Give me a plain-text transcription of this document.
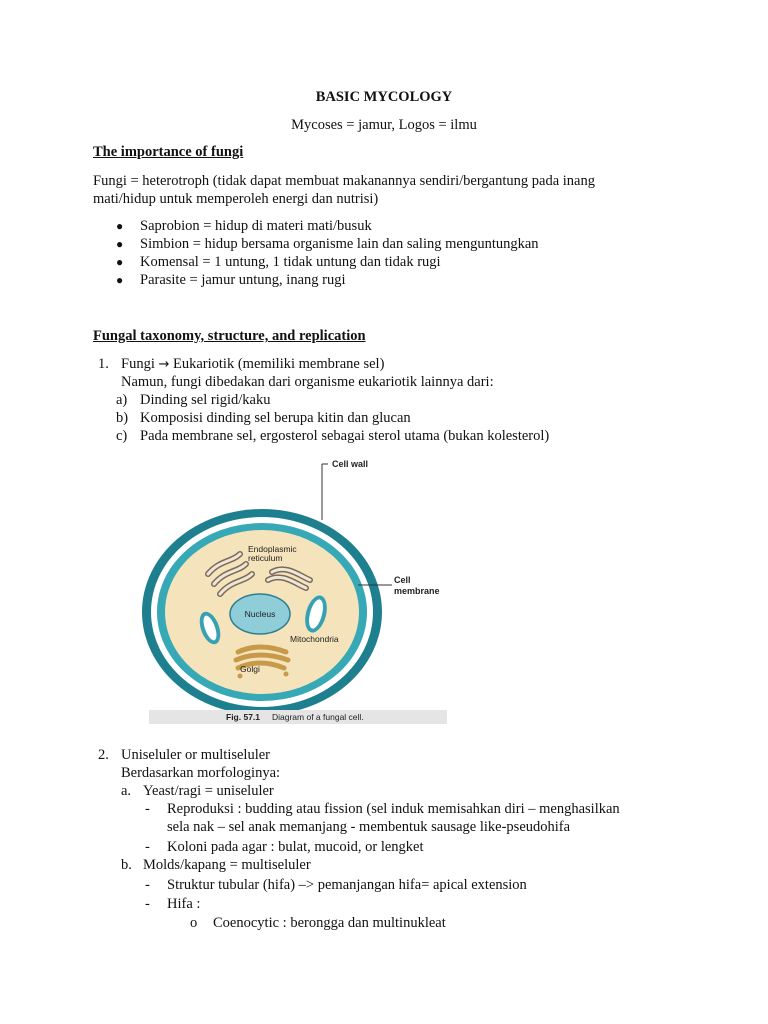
BASIC MYCOLOGY
Mycoses = jamur, Logos = ilmu
The importance of fungi
Fungi = heterotroph (tidak dapat membuat makanannya sendiri/bergantung pada inang
mati/hidup untuk memperoleh energi dan nutrisi)
● Saprobion = hidup di materi mati/busuk
● Simbion = hidup bersama organisme lain dan saling menguntungkan
● Komensal = 1 untung, 1 tidak untung dan tidak rugi
● Parasite = jamur untung, inang rugi
Fungal taxonomy, structure, and replication
1. Fungi → Eukariotik (memiliki membrane sel)
Namun, fungi dibedakan dari organisme eukariotik lainnya dari:
a) Dinding sel rigid/kaku
b) Komposisi dinding sel berupa kitin dan glucan
c) Pada membrane sel, ergosterol sebagai sterol utama (bukan kolesterol)
Cell wall
Endoplasmic
reticulum
Cell
membrane
Nucleus
Mitochondria
Golgi
Fig. 57.1 Diagram of a fungal cell.
2. Uniseluler or multiseluler
Berdasarkan morfologinya:
a. Yeast/ragi = uniseluler
- Reproduksi : budding atau fission (sel induk memisahkan diri – menghasilkan
sela nak – sel anak memanjang - membentuk sausage like-pseudohifa
- Koloni pada agar : bulat, mucoid, or lengket
b. Molds/kapang = multiseluler
- Struktur tubular (hifa) –> pemanjangan hifa= apical extension
- Hifa :
o Coenocytic : berongga dan multinukleat
